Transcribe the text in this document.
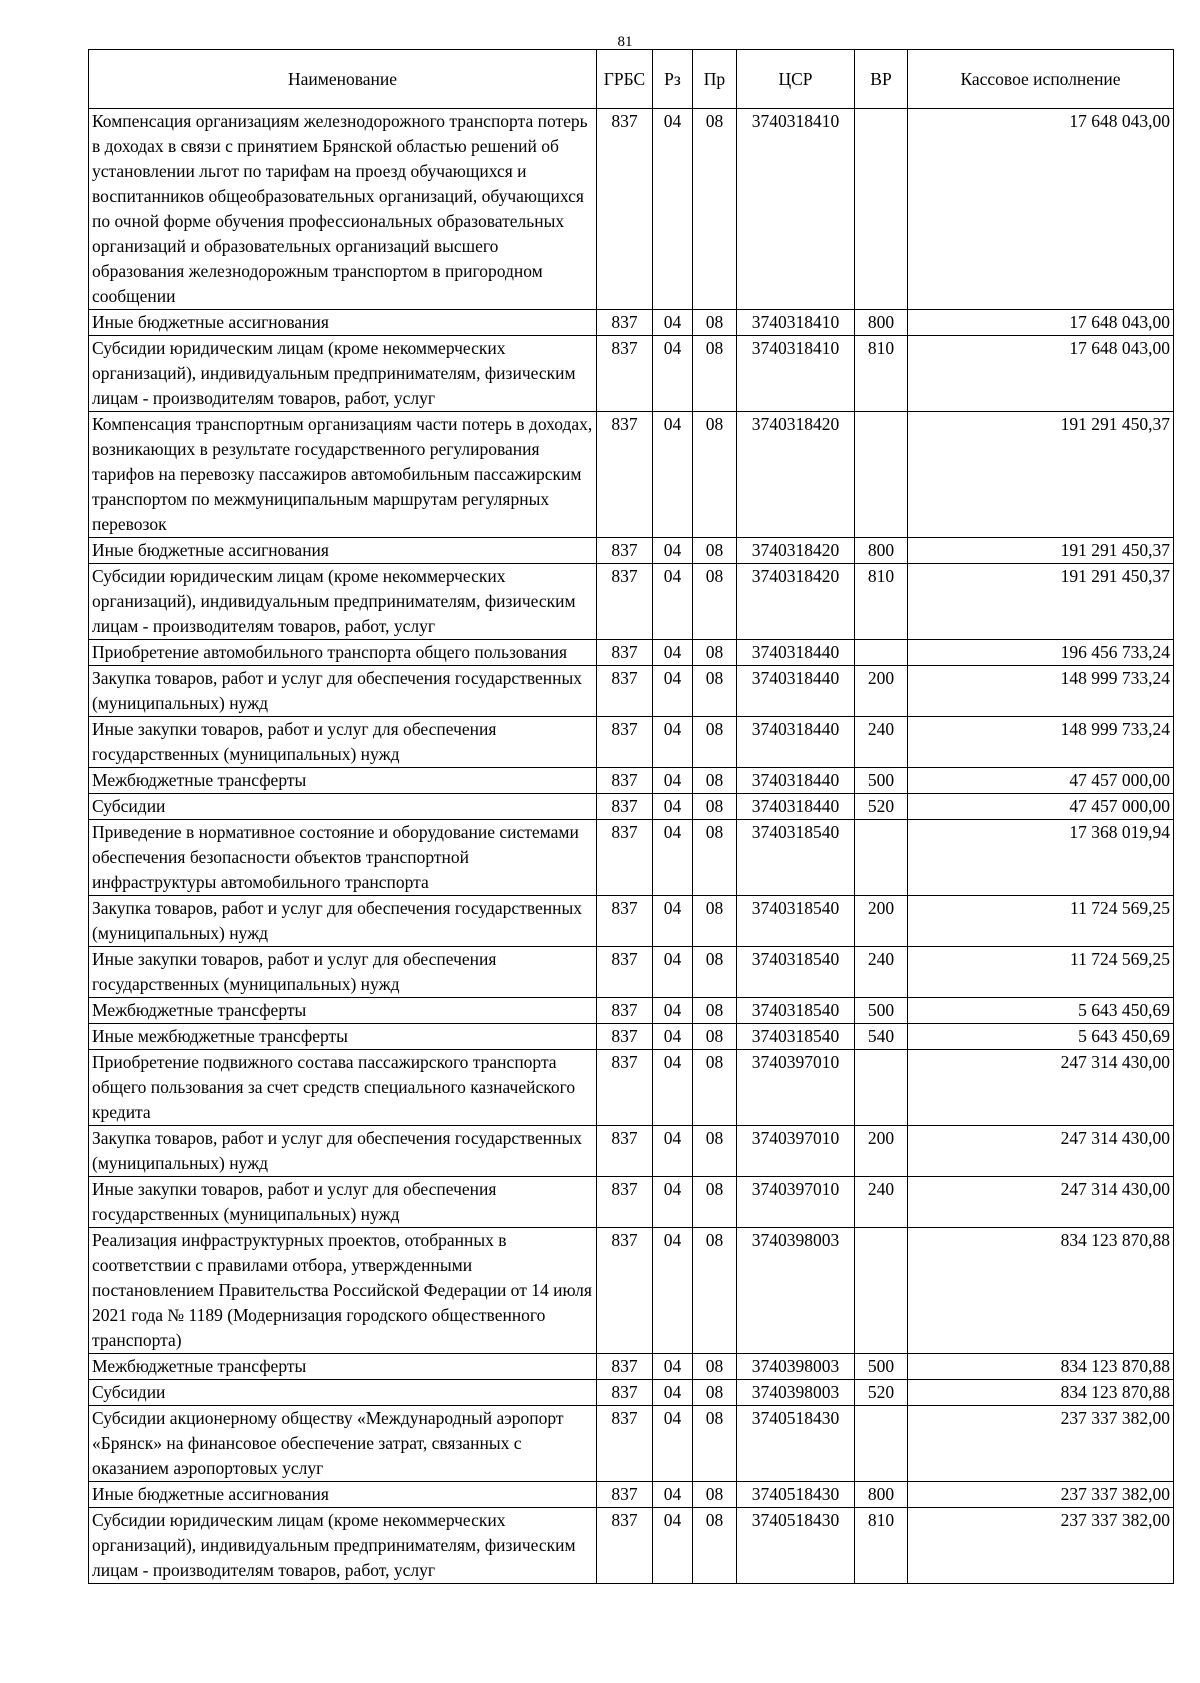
81
Наименование	ГРБС	Рз	Пр	ЦСР	ВР	Кассовое исполнение
Компенсация организациям железнодорожного транспорта потерь в доходах в связи с принятием Брянской областью решений об установлении льгот по тарифам на проезд обучающихся и воспитанников общеобразовательных организаций, обучающихся по очной форме обучения профессиональных образовательных организаций и образовательных организаций высшего образования железнодорожным транспортом в пригородном сообщении	837	04	08	3740318410		17 648 043,00
Иные бюджетные ассигнования	837	04	08	3740318410	800	17 648 043,00
Субсидии юридическим лицам (кроме некоммерческих организаций), индивидуальным предпринимателям, физическим лицам - производителям товаров, работ, услуг	837	04	08	3740318410	810	17 648 043,00
Компенсация транспортным организациям части потерь в доходах, возникающих в результате государственного регулирования тарифов на перевозку пассажиров автомобильным пассажирским транспортом по межмуниципальным маршрутам регулярных перевозок	837	04	08	3740318420		191 291 450,37
Иные бюджетные ассигнования	837	04	08	3740318420	800	191 291 450,37
Субсидии юридическим лицам (кроме некоммерческих организаций), индивидуальным предпринимателям, физическим лицам - производителям товаров, работ, услуг	837	04	08	3740318420	810	191 291 450,37
Приобретение автомобильного транспорта общего пользования	837	04	08	3740318440		196 456 733,24
Закупка товаров, работ и услуг для обеспечения государственных (муниципальных) нужд	837	04	08	3740318440	200	148 999 733,24
Иные закупки товаров, работ и услуг для обеспечения государственных (муниципальных) нужд	837	04	08	3740318440	240	148 999 733,24
Межбюджетные трансферты	837	04	08	3740318440	500	47 457 000,00
Субсидии	837	04	08	3740318440	520	47 457 000,00
Приведение в нормативное состояние и оборудование системами обеспечения безопасности объектов транспортной инфраструктуры автомобильного транспорта	837	04	08	3740318540		17 368 019,94
Закупка товаров, работ и услуг для обеспечения государственных (муниципальных) нужд	837	04	08	3740318540	200	11 724 569,25
Иные закупки товаров, работ и услуг для обеспечения государственных (муниципальных) нужд	837	04	08	3740318540	240	11 724 569,25
Межбюджетные трансферты	837	04	08	3740318540	500	5 643 450,69
Иные межбюджетные трансферты	837	04	08	3740318540	540	5 643 450,69
Приобретение подвижного состава пассажирского транспорта общего пользования за счет средств специального казначейского кредита	837	04	08	3740397010		247 314 430,00
Закупка товаров, работ и услуг для обеспечения государственных (муниципальных) нужд	837	04	08	3740397010	200	247 314 430,00
Иные закупки товаров, работ и услуг для обеспечения государственных (муниципальных) нужд	837	04	08	3740397010	240	247 314 430,00
Реализация инфраструктурных проектов, отобранных в соответствии с правилами отбора, утвержденными постановлением Правительства Российской Федерации от 14 июля 2021 года № 1189 (Модернизация городского общественного транспорта)	837	04	08	3740398003		834 123 870,88
Межбюджетные трансферты	837	04	08	3740398003	500	834 123 870,88
Субсидии	837	04	08	3740398003	520	834 123 870,88
Субсидии акционерному обществу «Международный аэропорт «Брянск» на финансовое обеспечение затрат, связанных с оказанием аэропортовых услуг	837	04	08	3740518430		237 337 382,00
Иные бюджетные ассигнования	837	04	08	3740518430	800	237 337 382,00
Субсидии юридическим лицам (кроме некоммерческих организаций), индивидуальным предпринимателям, физическим лицам - производителям товаров, работ, услуг	837	04	08	3740518430	810	237 337 382,00
